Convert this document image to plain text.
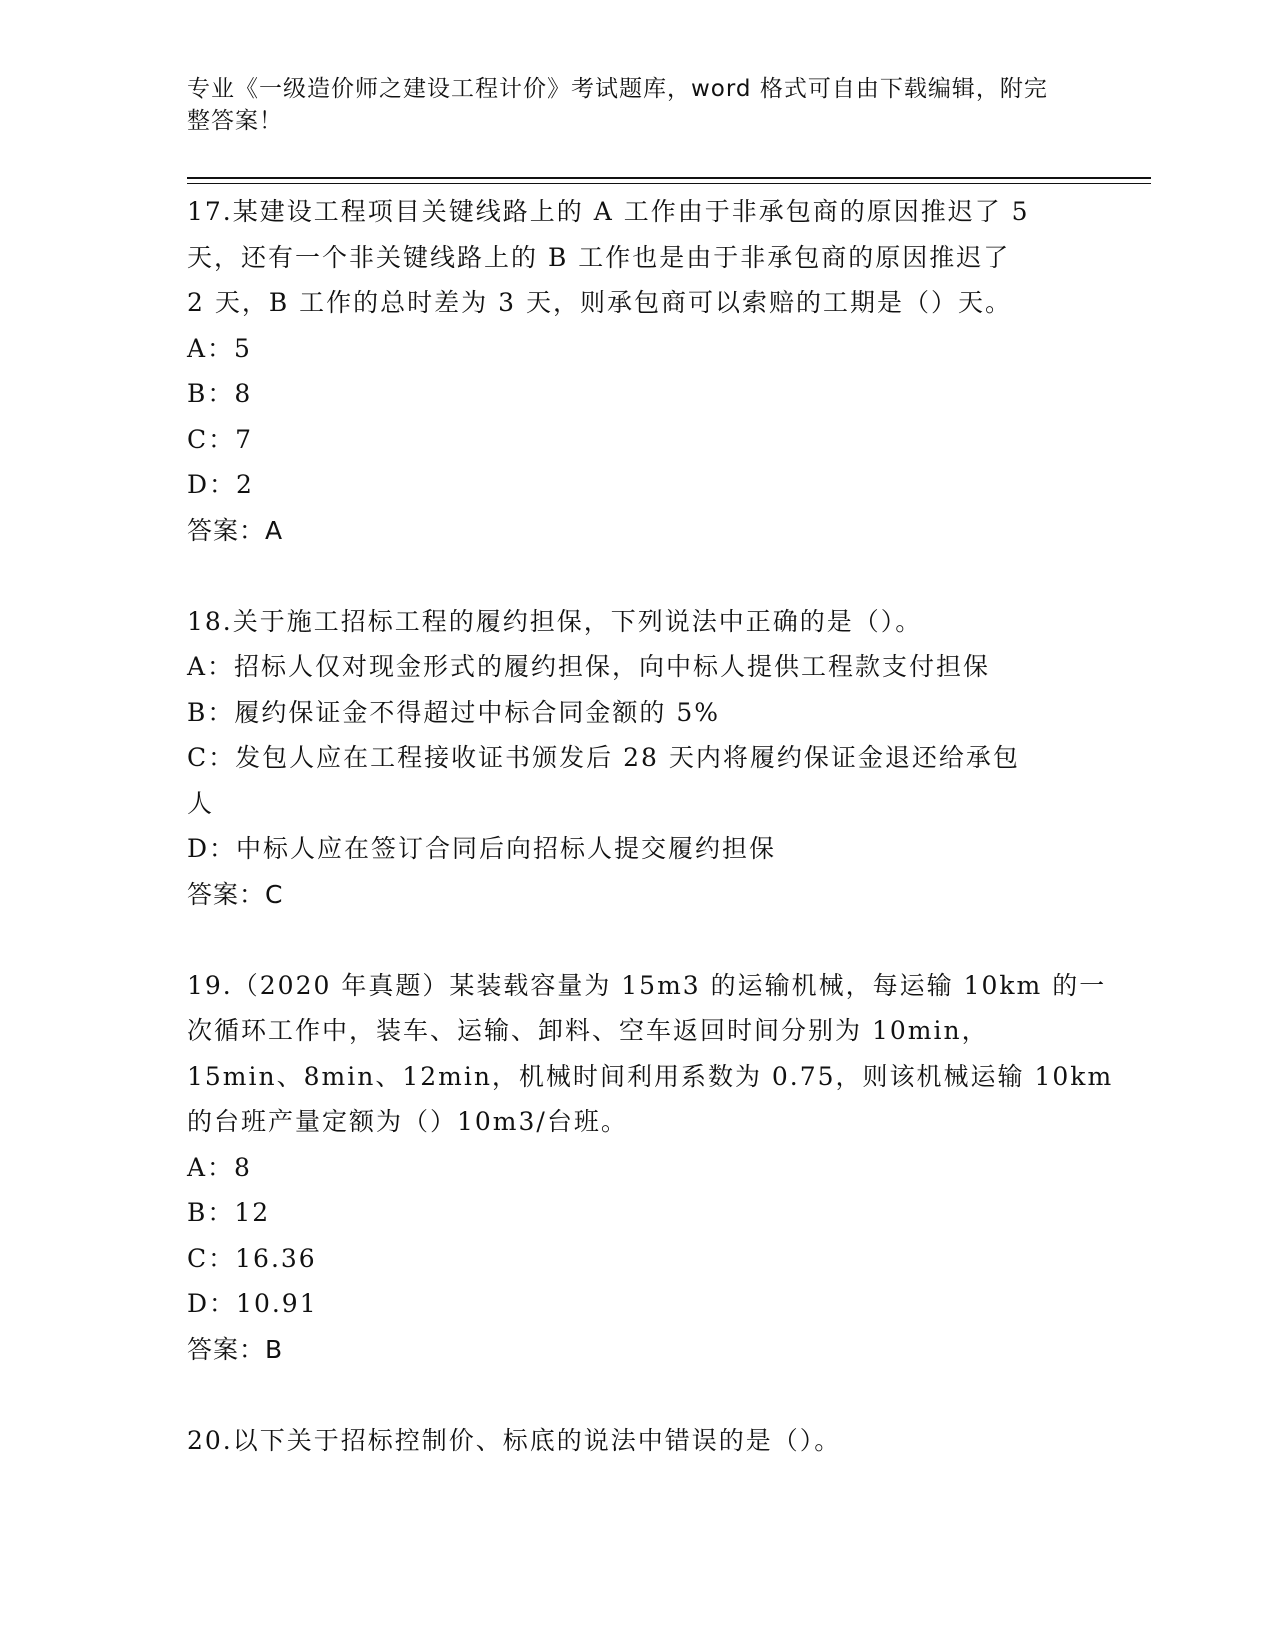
专业《一级造价师之建设工程计价》考试题库，word 格式可自由下载编辑，附完
整答案！
17.某建设工程项目关键线路上的 A 工作由于非承包商的原因推迟了 5
天，还有一个非关键线路上的 B 工作也是由于非承包商的原因推迟了
2 天，B 工作的总时差为 3 天，则承包商可以索赔的工期是（）天。
A：5
B：8
C：7
D：2
答案：A
18.关于施工招标工程的履约担保，下列说法中正确的是（）。
A：招标人仅对现金形式的履约担保，向中标人提供工程款支付担保
B：履约保证金不得超过中标合同金额的 5%
C：发包人应在工程接收证书颁发后 28 天内将履约保证金退还给承包
人
D：中标人应在签订合同后向招标人提交履约担保
答案：C
19.（2020 年真题）某装载容量为 15m3 的运输机械，每运输 10km 的一
次循环工作中，装车、运输、卸料、空车返回时间分别为 10min，
15min、8min、12min，机械时间利用系数为 0.75，则该机械运输 10km
的台班产量定额为（）10m3/台班。
A：8
B：12
C：16.36
D：10.91
答案：B
20.以下关于招标控制价、标底的说法中错误的是（）。
